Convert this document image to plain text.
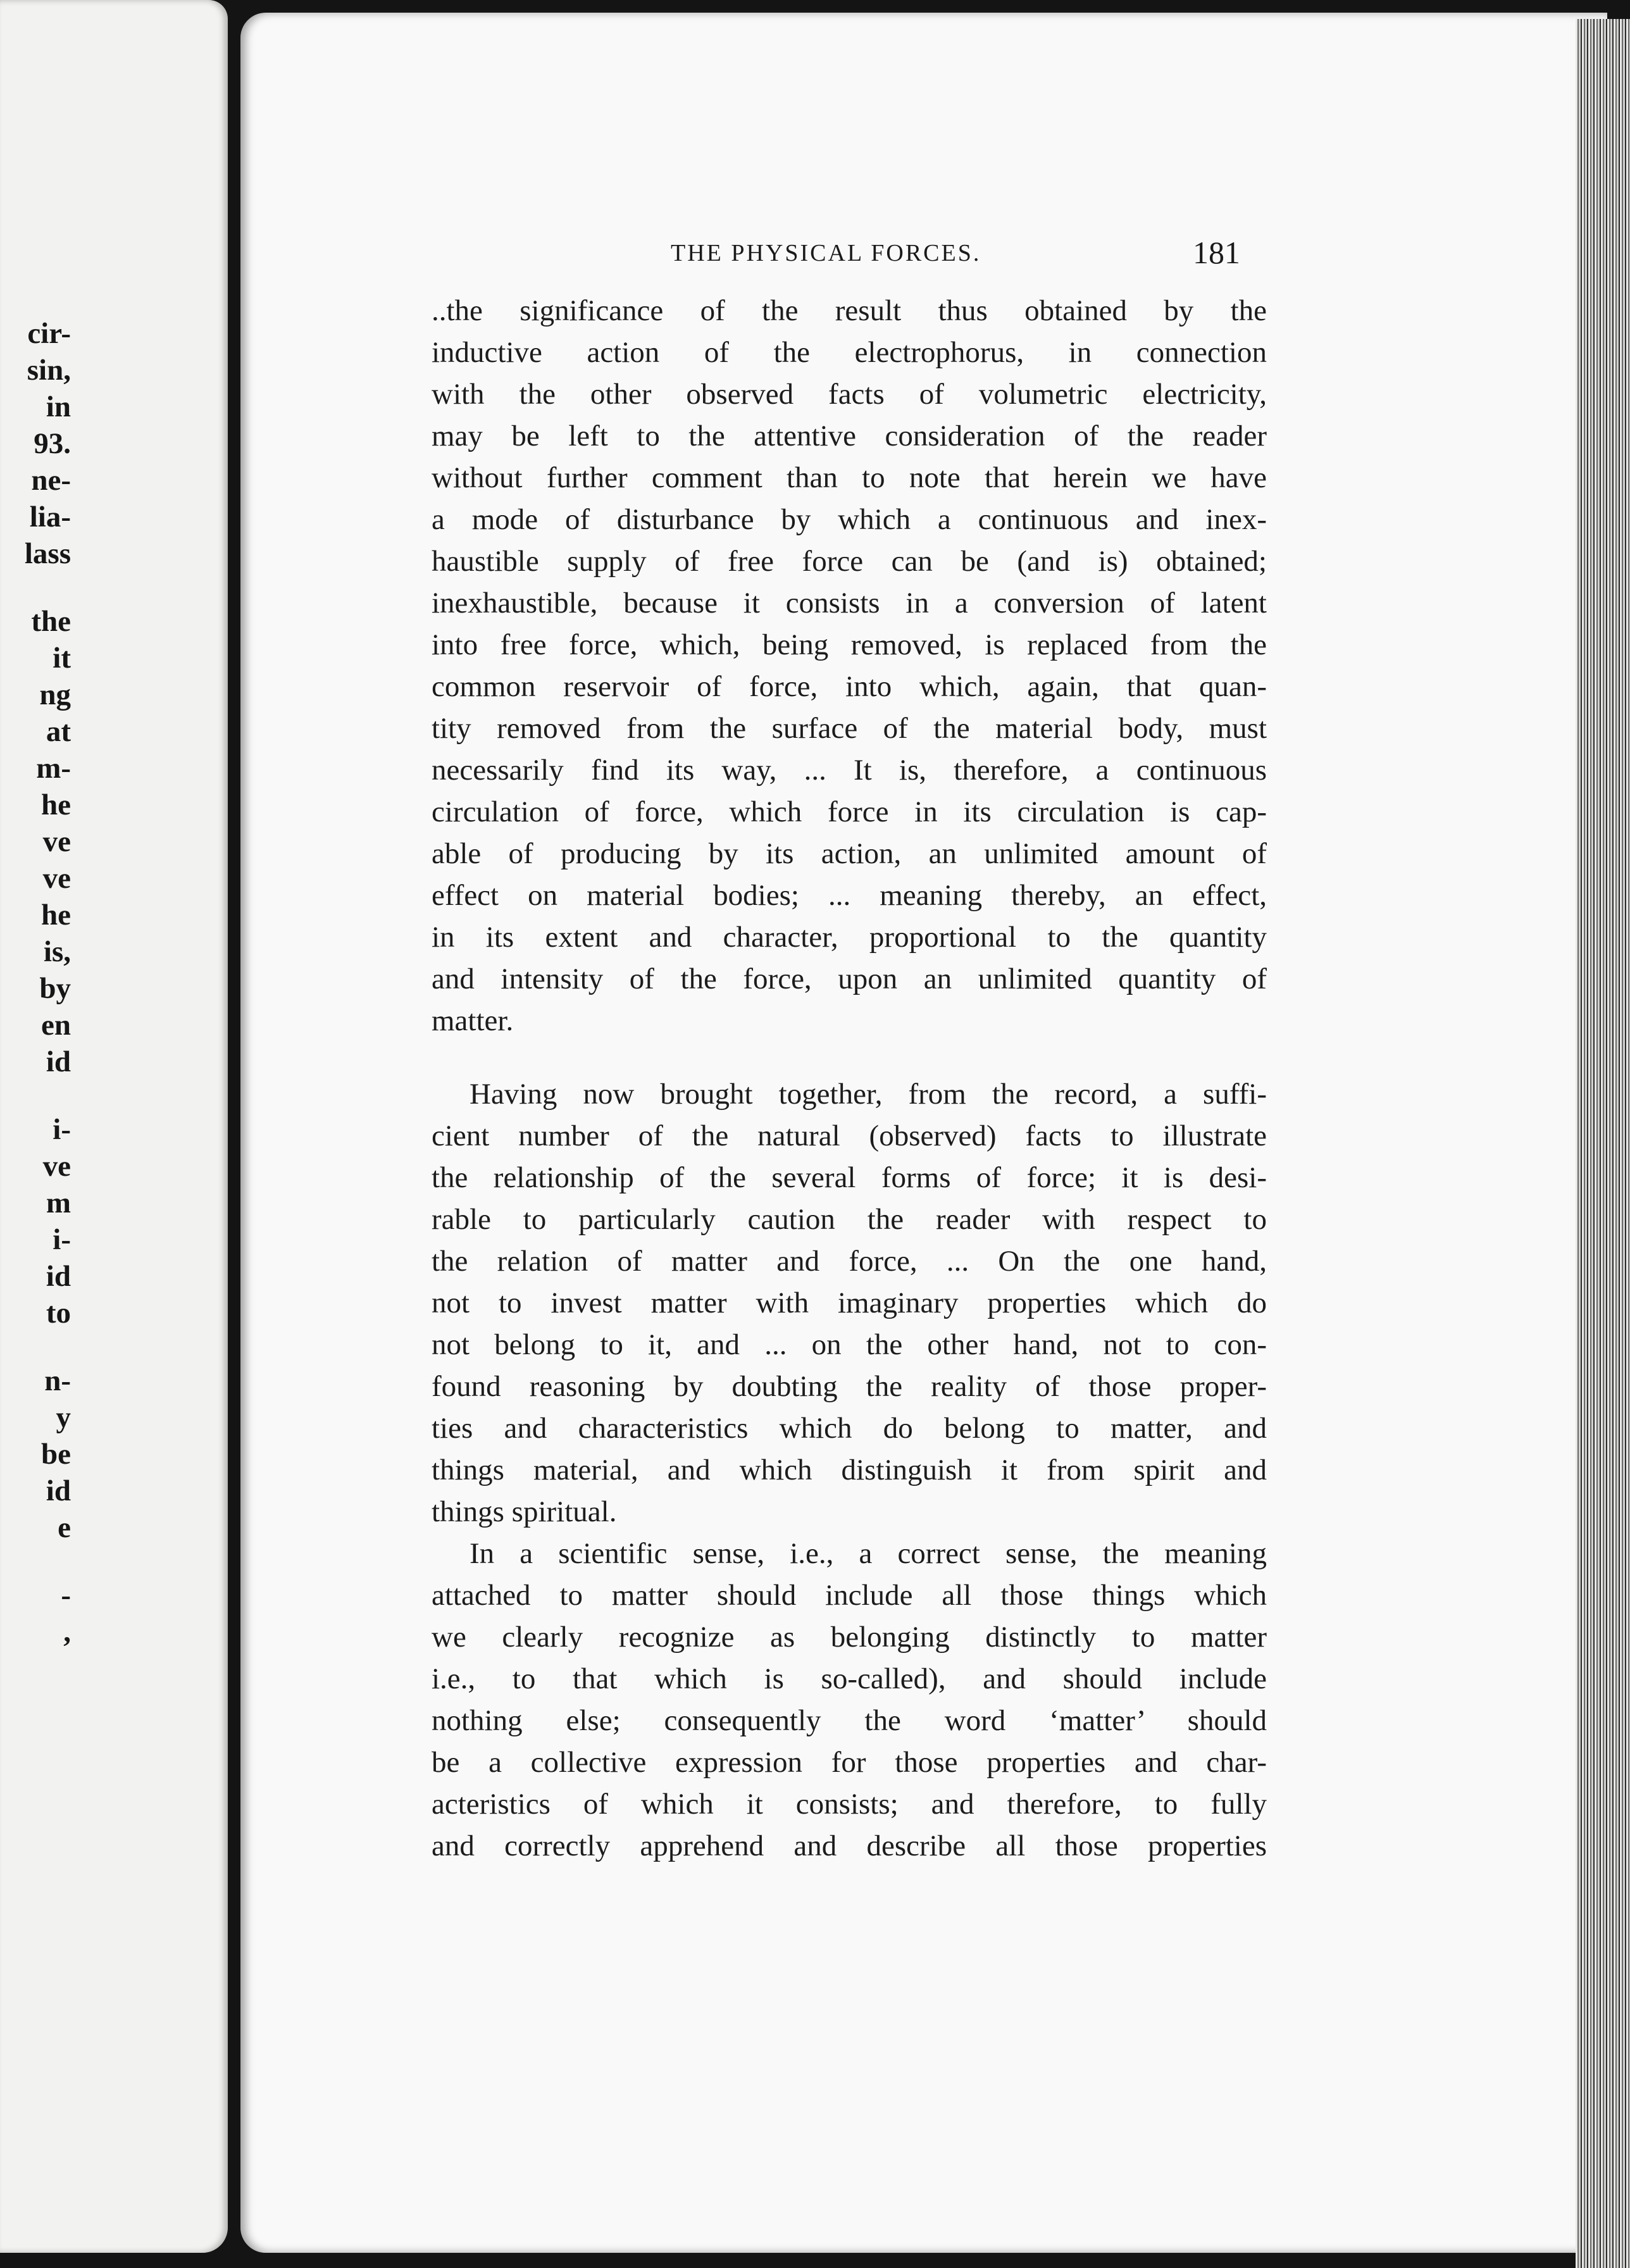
cir-
sin,
in
93.
ne-
lia-
lass
the
it
ng
at
m-
he
ve
ve
he
is,
by
en
id
i-
ve
m
i-
id
to
n-
y
be
id
e
-
,
THE PHYSICAL FORCES.	181
..the significance of the result thus obtained by the
inductive action of the electrophorus, in connection
with the other observed facts of volumetric electricity,
may be left to the attentive consideration of the reader
without further comment than to note that herein we have
a mode of disturbance by which a continuous and inex-
haustible supply of free force can be (and is) obtained;
inexhaustible, because it consists in a conversion of latent
into free force, which, being removed, is replaced from the
common reservoir of force, into which, again, that quan-
tity removed from the surface of the material body, must
necessarily find its way, ... It is, therefore, a continuous
circulation of force, which force in its circulation is cap-
able of producing by its action, an unlimited amount of
effect on material bodies; ... meaning thereby, an effect,
in its extent and character, proportional to the quantity
and intensity of the force, upon an unlimited quantity of
matter.
Having now brought together, from the record, a suffi-
cient number of the natural (observed) facts to illustrate
the relationship of the several forms of force; it is desi-
rable to particularly caution the reader with respect to
the relation of matter and force, ... On the one hand,
not to invest matter with imaginary properties which do
not belong to it, and ... on the other hand, not to con-
found reasoning by doubting the reality of those proper-
ties and characteristics which do belong to matter, and
things material, and which distinguish it from spirit and
things spiritual.
In a scientific sense, i.e., a correct sense, the meaning
attached to matter should include all those things which
we clearly recognize as belonging distinctly to matter
i.e., to that which is so-called), and should include
nothing else; consequently the word ‘matter’ should
be a collective expression for those properties and char-
acteristics of which it consists; and therefore, to fully
and correctly apprehend and describe all those properties
